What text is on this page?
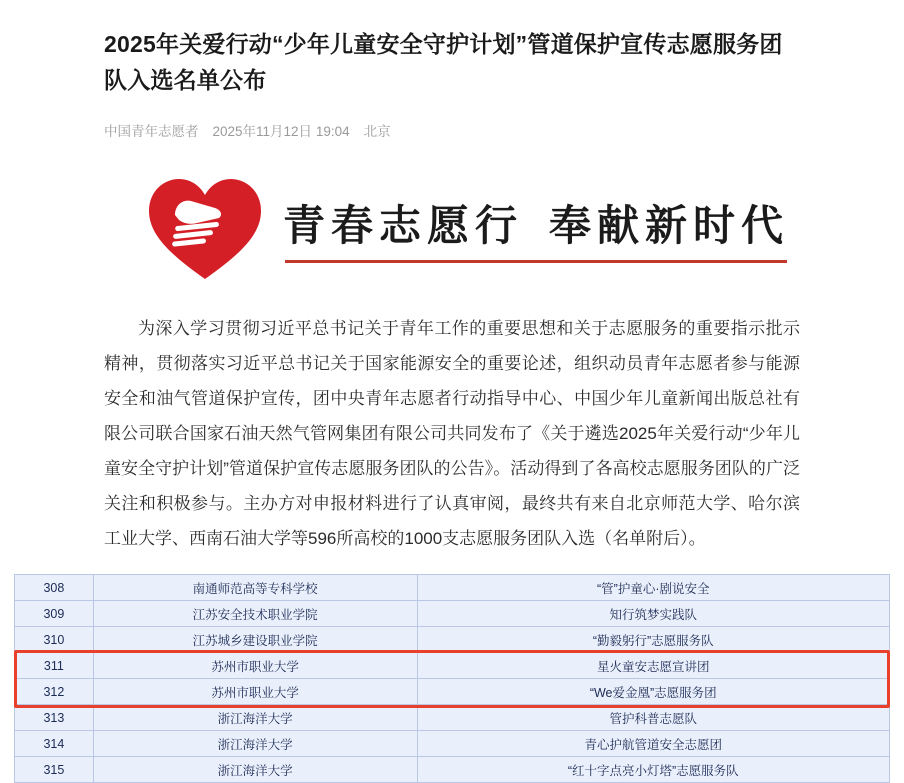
2025年关爱行动“少年儿童安全守护计划”管道保护宣传志愿服务团队入选名单公布
中国青年志愿者 2025年11月12日 19:04 北京
青春志愿行 奉献新时代

为深入学习贯彻习近平总书记关于青年工作的重要思想和关于志愿服务的重要指示批示精神，贯彻落实习近平总书记关于国家能源安全的重要论述，组织动员青年志愿者参与能源安全和油气管道保护宣传，团中央青年志愿者行动指导中心、中国少年儿童新闻出版总社有限公司联合国家石油天然气管网集团有限公司共同发布了《关于遴选2025年关爱行动“少年儿童安全守护计划”管道保护宣传志愿服务团队的公告》。活动得到了各高校志愿服务团队的广泛关注和积极参与。主办方对申报材料进行了认真审阅，最终共有来自北京师范大学、哈尔滨工业大学、西南石油大学等596所高校的1000支志愿服务团队入选（名单附后）。

308	南通师范高等专科学校	“管”护童心·剧说安全
309	江苏安全技术职业学院	知行筑梦实践队
310	江苏城乡建设职业学院	“勤毅躬行”志愿服务队
311	苏州市职业大学	星火童安志愿宣讲团
312	苏州市职业大学	“We爱金凰”志愿服务团
313	浙江海洋大学	管护科普志愿队
314	浙江海洋大学	青心护航管道安全志愿团
315	浙江海洋大学	“红十字点亮小灯塔”志愿服务队
